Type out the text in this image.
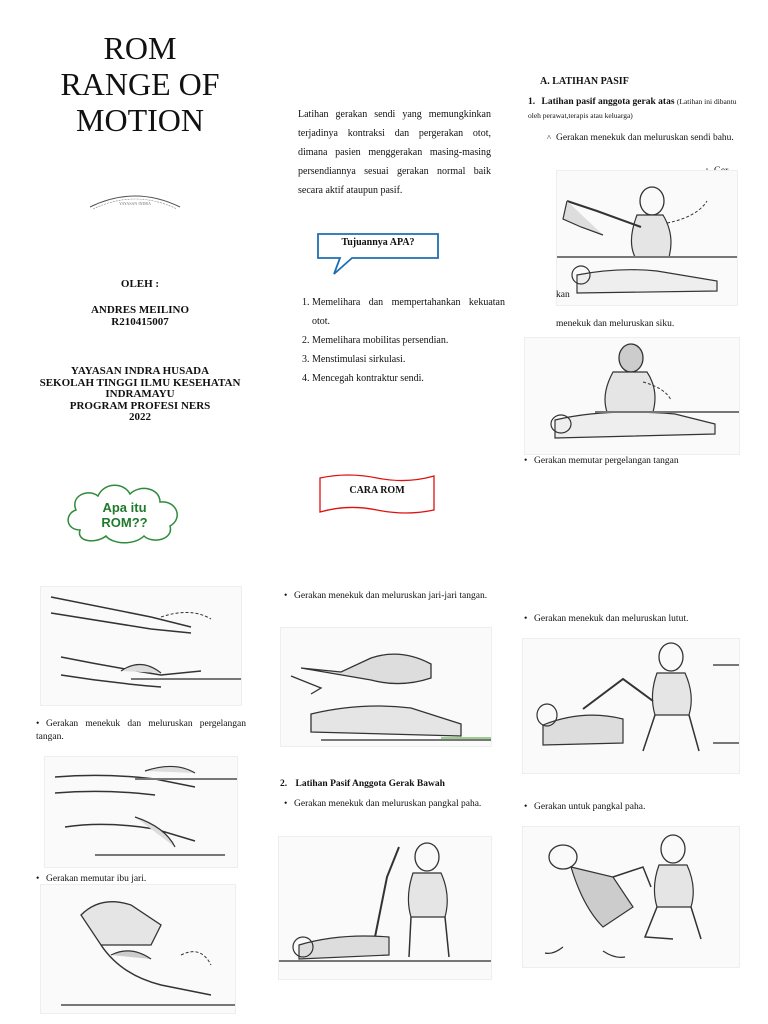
ROM
RANGE OF
MOTION
YAYASAN INDRA
OLEH :
ANDRES MEILINO
R210415007
YAYASAN INDRA HUSADA
SEKOLAH TINGGI ILMU KESEHATAN
INDRAMAYU
PROGRAM PROFESI NERS
2022
Apa itu
ROM??
Latihan gerakan sendi yang memungkinkan terjadinya kontraksi dan pergerakan otot, dimana pasien menggerakan masing-masing persendiannya sesuai gerakan normal baik secara aktif ataupun pasif.
Tujuannya APA?
1. Memelihara dan mempertahankan kekuatan otot.
2. Memelihara mobilitas persendian.
3. Menstimulasi sirkulasi.
4. Mencegah kontraktur sendi.
CARA ROM
A. LATIHAN PASIF
1. Latihan pasif anggota gerak atas (Latihan ini dibantu oleh perawat,terapis atau keluarga)
˄ Gerakan menekuk dan meluruskan sendi bahu.
kan
menekuk dan meluruskan siku.
• Gerakan memutar pergelangan tangan
• Gerakan menekuk dan meluruskan pergelangan tangan.
• Gerakan memutar ibu jari.
• Gerakan menekuk dan meluruskan jari-jari tangan.
2. Latihan Pasif Anggota Gerak Bawah
• Gerakan menekuk dan meluruskan pangkal paha.
• Gerakan menekuk dan meluruskan lutut.
• Gerakan untuk pangkal paha.
